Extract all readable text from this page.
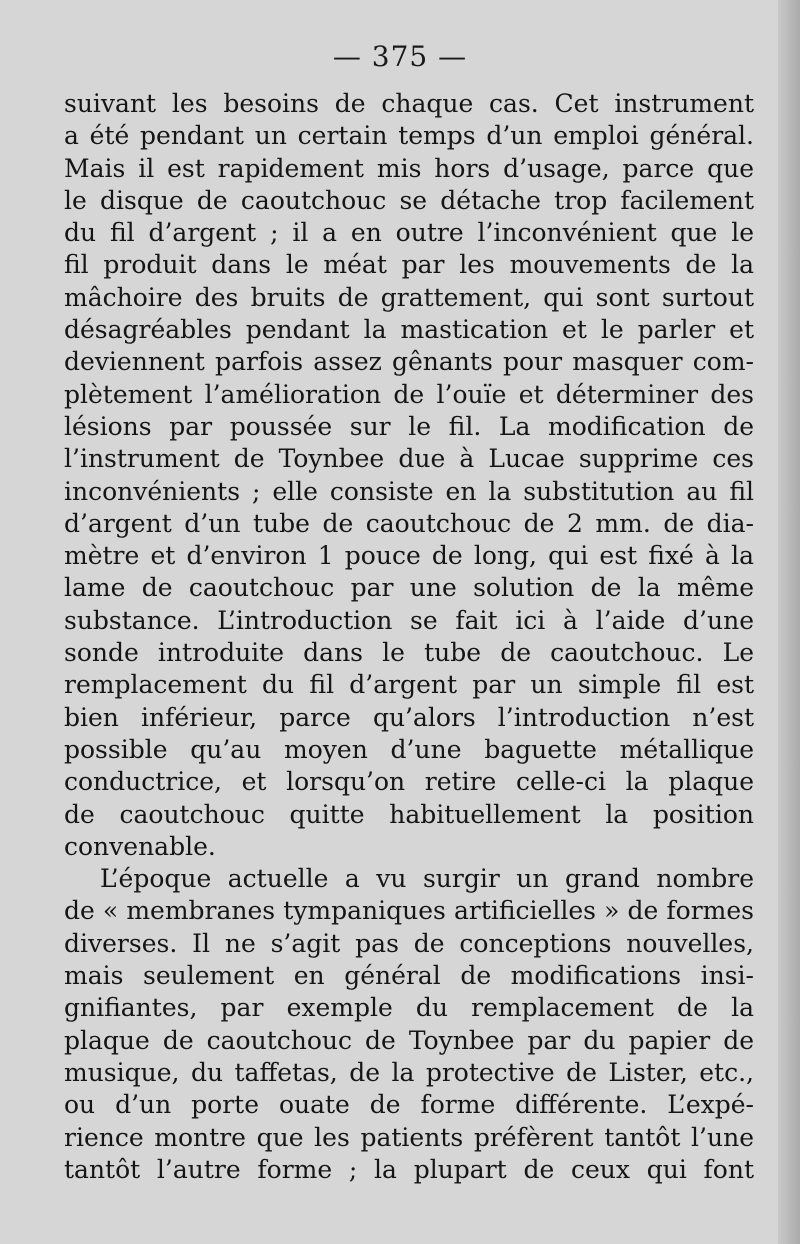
— 375 —
suivant les besoins de chaque cas. Cet instrument
a été pendant un certain temps d’un emploi général.
Mais il est rapidement mis hors d’usage, parce que
le disque de caoutchouc se détache trop facilement
du fil d’argent ; il a en outre l’inconvénient que le
fil produit dans le méat par les mouvements de la
mâchoire des bruits de grattement, qui sont surtout
désagréables pendant la mastication et le parler et
deviennent parfois assez gênants pour masquer com-
plètement l’amélioration de l’ouïe et déterminer des
lésions par poussée sur le fil. La modification de
l’instrument de Toynbee due à Lucae supprime ces
inconvénients ; elle consiste en la substitution au fil
d’argent d’un tube de caoutchouc de 2 mm. de dia-
mètre et d’environ 1 pouce de long, qui est fixé à la
lame de caoutchouc par une solution de la même
substance. L’introduction se fait ici à l’aide d’une
sonde introduite dans le tube de caoutchouc. Le
remplacement du fil d’argent par un simple fil est
bien inférieur, parce qu’alors l’introduction n’est
possible qu’au moyen d’une baguette métallique
conductrice, et lorsqu’on retire celle-ci la plaque
de caoutchouc quitte habituellement la position
convenable.
L’époque actuelle a vu surgir un grand nombre
de « membranes tympaniques artificielles » de formes
diverses. Il ne s’agit pas de conceptions nouvelles,
mais seulement en général de modifications insi-
gnifiantes, par exemple du remplacement de la
plaque de caoutchouc de Toynbee par du papier de
musique, du taffetas, de la protective de Lister, etc.,
ou d’un porte ouate de forme différente. L’expé-
rience montre que les patients préfèrent tantôt l’une
tantôt l’autre forme ; la plupart de ceux qui font
